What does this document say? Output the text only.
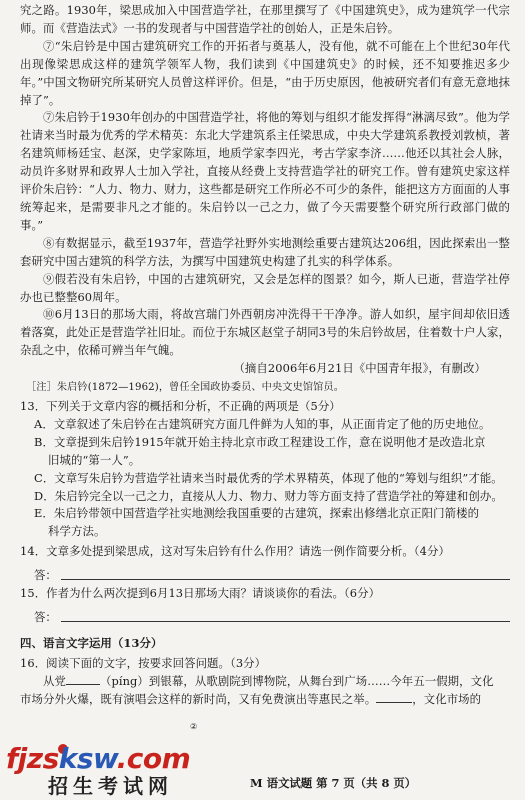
究之路。1930年，梁思成加入中国营造学社，在那里撰写了《中国建筑史》，成为建筑学一代宗师。而《营造法式》一书的发现者与中国营造学社的创始人，正是朱启钤。

⑦“朱启钤是中国古建筑研究工作的开拓者与奠基人，没有他，就不可能在上个世纪30年代出现像梁思成这样的建筑学领军人物，我们读到《中国建筑史》的时候，还不知要推迟多少年。”中国文物研究所某研究人员曾这样评价。但是，“由于历史原因，他被研究者们有意无意地抹掉了”。

⑦朱启钤于1930年创办的中国营造学社，将他的筹划与组织才能发挥得“淋漓尽致”。他为学社请来当时最为优秀的学术精英：东北大学建筑系主任梁思成，中央大学建筑系教授刘敦桢，著名建筑师杨廷宝、赵深，史学家陈垣，地质学家李四光，考古学家李济……他还以其社会人脉，动员许多财界和政界人士加入学社，直接从经费上支持营造学社的研究工作。曾有建筑史家这样评价朱启钤：“人力、物力、财力，这些都是研究工作所必不可少的条件，能把这方方面面的人事统筹起来，是需要非凡之才能的。朱启钤以一己之力，做了今天需要整个研究所行政部门做的事。”

⑧有数据显示，截至1937年，营造学社野外实地测绘重要古建筑达206组，因此探索出一整套研究中国古建筑的科学方法，为撰写中国建筑史构建了扎实的科学体系。

⑨假若没有朱启钤，中国的古建筑研究，又会是怎样的图景？如今，斯人已逝，营造学社停办也已整整60周年。

⑩6月13日的那场大雨，将故宫瑞门外西朝房冲洗得干干净净。游人如织，屋宇间却依旧透着落寞，此处正是营造学社旧址。而位于东城区赵堂子胡同3号的朱启钤故居，住着数十户人家，杂乱之中，依稀可辨当年气魄。

（摘自2006年6月21日《中国青年报》，有删改）

［注］朱启钤(1872—1962)，曾任全国政协委员、中央文史馆馆员。

13．下列关于文章内容的概括和分析，不正确的两项是（5分）

A．文章叙述了朱启钤在古建筑研究方面几件鲜为人知的事，从正面肯定了他的历史地位。

B．文章提到朱启钤1915年就开始主持北京市政工程建设工作，意在说明他才是改造北京

旧城的“第一人”。

C．文章写朱启钤为营造学社请来当时最优秀的学术界精英，体现了他的“筹划与组织”才能。

D．朱启钤完全以一己之力，直接从人力、物力、财力等方面支持了营造学社的筹建和创办。

E．朱启钤带领中国营造学社实地测绘我国重要的古建筑，探索出修缮北京正阳门箭楼的

科学方法。

14．文章多处提到梁思成，这对写朱启钤有什么作用？请选一例作简要分析。（4分）

答：

15．作者为什么两次提到6月13日那场大雨？请谈谈你的看法。（6分）

答：

四、语言文字运用（13分）

16．阅读下面的文字，按要求回答问题。（3分）

从党	（píng）到银幕，从歌剧院到博物院，从舞台到广场……今年五一假期，文化

市场分外火爆，既有演唱会这样的新时尚，又有免费演出等惠民之举。	，文化市场的

②

fjzsksw.com
招生考试网	M 语文试题 第 7 页（共 8 页）
